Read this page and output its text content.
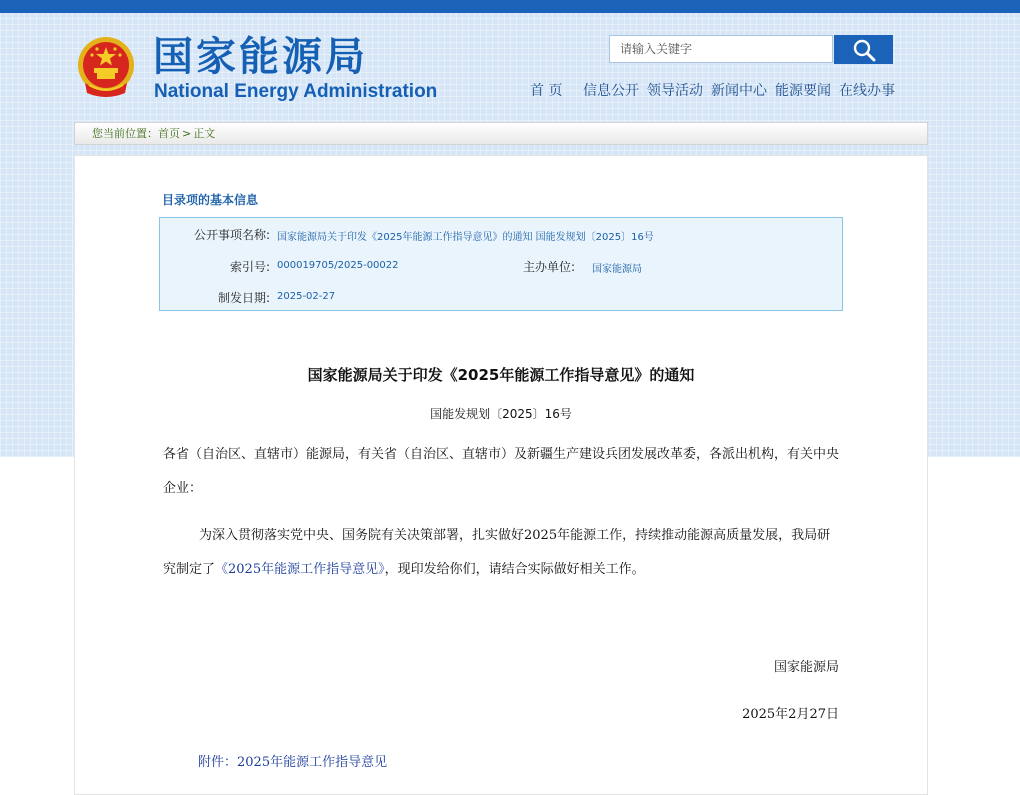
国家能源局
National Energy Administration
请输入关键字	首 页 信息公开 领导活动 新闻中心 能源要闻 在线办事
您当前位置：首页 > 正文
目录项的基本信息
公开事项名称: 国家能源局关于印发《2025年能源工作指导意见》的通知 国能发规划〔2025〕16号
索引号: 000019705/2025-00022	主办单位: 国家能源局
制发日期: 2025-02-27
国家能源局关于印发《2025年能源工作指导意见》的通知
国能发规划〔2025〕16号
各省（自治区、直辖市）能源局，有关省（自治区、直辖市）及新疆生产建设兵团发展改革委，各派出机构，有关中央企业：
为深入贯彻落实党中央、国务院有关决策部署，扎实做好2025年能源工作，持续推动能源高质量发展，我局研究制定了《2025年能源工作指导意见》，现印发给你们，请结合实际做好相关工作。
国家能源局
2025年2月27日
附件：2025年能源工作指导意见
